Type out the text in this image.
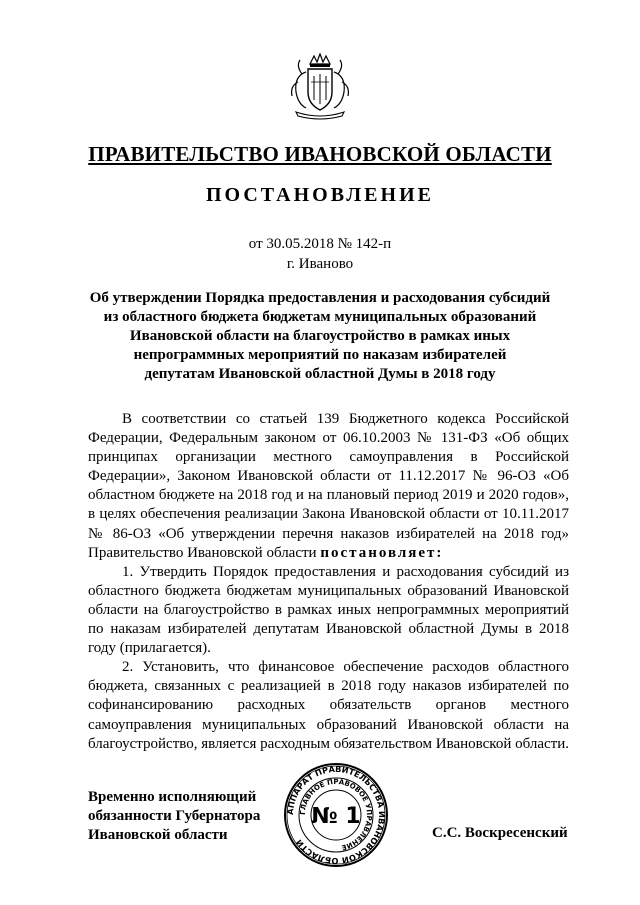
ПРАВИТЕЛЬСТВО ИВАНОВСКОЙ ОБЛАСТИ
ПОСТАНОВЛЕНИЕ
от 30.05.2018 № 142-п
г. Иваново
Об утверждении Порядка предоставления и расходования субсидий
из областного бюджета бюджетам муниципальных образований
Ивановской области на благоустройство в рамках иных
непрограммных мероприятий по наказам избирателей
депутатам Ивановской областной Думы в 2018 году

В соответствии со статьей 139 Бюджетного кодекса Российской Федерации, Федеральным законом от 06.10.2003 № 131-ФЗ «Об общих принципах организации местного самоуправления в Российской Федерации», Законом Ивановской области от 11.12.2017 № 96-ОЗ «Об областном бюджете на 2018 год и на плановый период 2019 и 2020 годов», в целях обеспечения реализации Закона Ивановской области от 10.11.2017 № 86-ОЗ «Об утверждении перечня наказов избирателей на 2018 год» Правительство Ивановской области постановляет:

1. Утвердить Порядок предоставления и расходования субсидий из областного бюджета бюджетам муниципальных образований Ивановской области на благоустройство в рамках иных непрограммных мероприятий по наказам избирателей депутатам Ивановской областной Думы в 2018 году (прилагается).

2. Установить, что финансовое обеспечение расходов областного бюджета, связанных с реализацией в 2018 году наказов избирателей по софинансированию расходных обязательств органов местного самоуправления муниципальных образований Ивановской области на благоустройство, является расходным обязательством Ивановской области.

Временно исполняющий
обязанности Губернатора
Ивановской области
АППАРАТ ПРАВИТЕЛЬСТВА ИВАНОВСКОЙ ОБЛАСТИ
ГЛАВНОЕ ПРАВОВОЕ УПРАВЛЕНИЕ
№ 1
С.С. Воскресенский
